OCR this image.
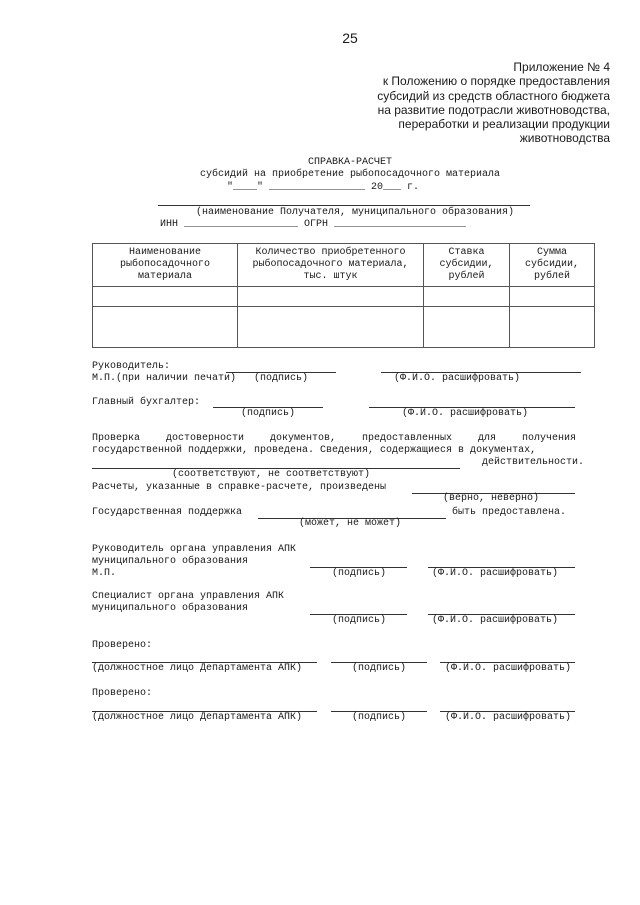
25
Приложение № 4
к Положению о порядке предоставления
субсидий из средств областного бюджета
на развитие подотрасли животноводства,
переработки и реализации продукции
животноводства
СПРАВКА-РАСЧЕТ
субсидий на приобретение рыбопосадочного материала
"____" ________________ 20___ г.
(наименование Получателя, муниципального образования)
ИНН ___________________ ОГРН ______________________
Наименование рыбопосадочного материала	Количество приобретенного рыбопосадочного материала, тыс. штук	Ставка субсидии, рублей	Сумма субсидии, рублей

Руководитель:
М.П.(при наличии печати) (подпись)	(Ф.И.О. расшифровать)
Главный бухгалтер:
(подпись)	(Ф.И.О. расшифровать)
Проверка достоверности документов, предоставленных для получения
государственной поддержки, проведена. Сведения, содержащиеся в документах,
действительности.
(соответствуют, не соответствуют)
Расчеты, указанные в справке-расчете, произведены
(верно, неверно)
Государственная поддержка	быть предоставлена.
(может, не может)
Руководитель органа управления АПК
муниципального образования
М.П.	(подпись)	(Ф.И.О. расшифровать)
Специалист органа управления АПК
муниципального образования
(подпись)	(Ф.И.О. расшифровать)
Проверено:
(должностное лицо Департамента АПК)	(подпись)	(Ф.И.О. расшифровать)
Проверено:
(должностное лицо Департамента АПК)	(подпись)	(Ф.И.О. расшифровать)
